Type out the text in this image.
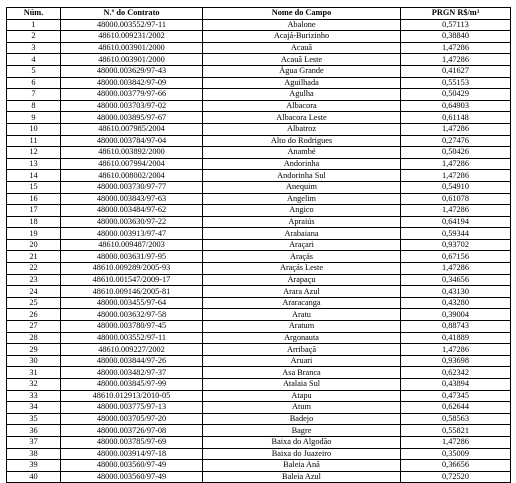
Núm.	N.º do Contrato	Nome do Campo	PRGN R$/m³
1	48000.003552/97-11	Abalone	0,57113
2	48610.009231/2002	Acajá-Burizinho	0,38840
3	48610.003901/2000	Acauã	1,47286
4	48610.003901/2000	Acauã Leste	1,47286
5	48000.003629/97-43	Água Grande	0,41627
6	48000.003842/97-09	Aguilhada	0,55153
7	48000.003779/97-66	Agulha	0,50429
8	48000.003703/97-02	Albacora	0,64903
9	48000.003895/97-67	Albacora Leste	0,61148
10	48610.007985/2004	Albatroz	1,47286
11	48000.003784/97-04	Alto do Rodrigues	0,27476
12	48610.003892/2000	Anambé	0,50426
13	48610.007994/2004	Andorinha	1,47286
14	48610.008002/2004	Andorinha Sul	1,47286
15	48000.003730/97-77	Anequim	0,54910
16	48000.003843/97-63	Angelim	0,61078
17	48000.003484/97-62	Angico	1,47286
18	48000.003630/97-22	Apraiús	0,64194
19	48000.003913/97-47	Arabaiana	0,59344
20	48610.009487/2003	Araçari	0,93702
21	48000.003631/97-95	Araçás	0,67156
22	48610.009289/2005-93	Araçás Leste	1,47286
23	48610.001547/2009-17	Arapaçu	0,34656
24	48610.009146/2005-81	Arara Azul	0,43130
25	48000.003455/97-64	Araracanga	0,43280
26	48000.003632/97-58	Aratu	0,39004
27	48000.003780/97-45	Aratum	0,88743
28	48000.003552/97-11	Argonauta	0,41889
29	48610.009227/2002	Arribaçã	1,47286
30	48000.003844/97-26	Aruari	0,93698
31	48000.003482/97-37	Asa Branca	0,62342
32	48000.003845/97-99	Atalaia Sul	0,43894
33	48610.012913/2010-05	Atapu	0,47345
34	48000.003775/97-13	Atum	0,62644
35	48000.003705/97-20	Badejo	0,58563
36	48000.003726/97-08	Bagre	0,55821
37	48000.003785/97-69	Baixa do Algodão	1,47286
38	48000.003914/97-18	Baixa do Juazeiro	0,35009
39	48000.003560/97-49	Baleia Anã	0,36656
40	48000.003560/97-49	Baleia Azul	0,72520
